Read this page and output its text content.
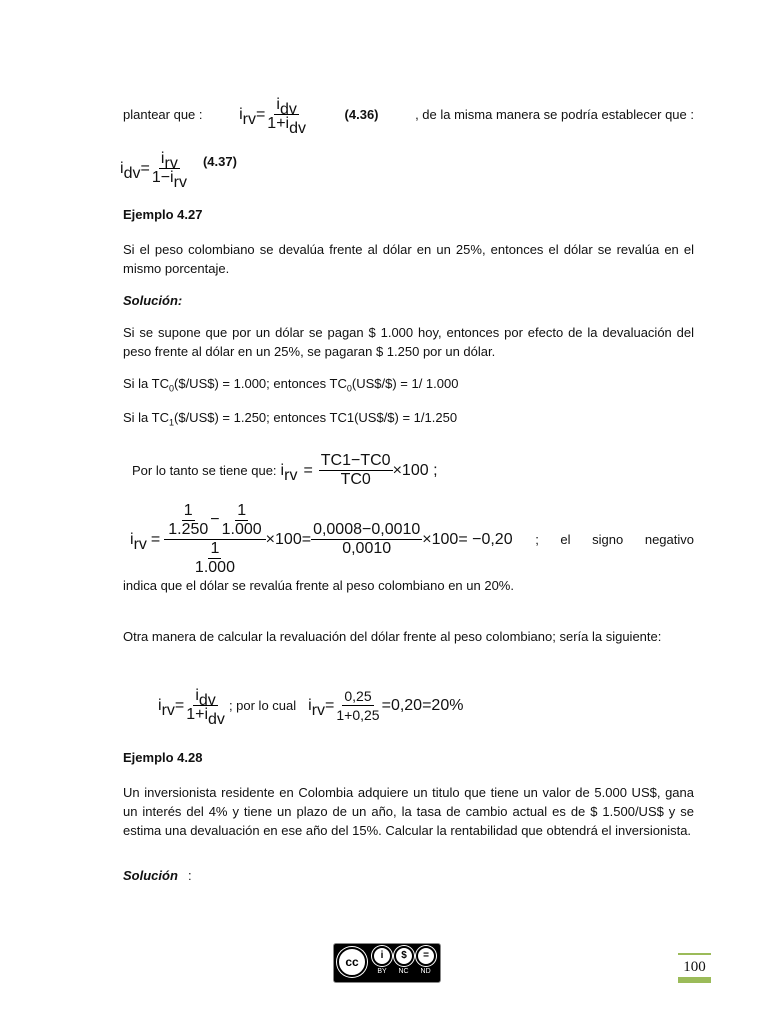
plantear que : i rv = $\frac{\text{idv}}{\text{1+idv}}$	(4.36)	, de la misma manera se podría establecer que :
i dv = $\frac{\text{irv}}{\text{1−irv}} (4.37)$
Ejemplo 4.27
Si el peso colombiano se devalúa frente al dólar en un 25%, entonces el dólar se revalúa en el mismo porcentaje.
Solución:
Si se supone que por un dólar se pagan $ 1.000 hoy, entonces por efecto de la devaluación del peso frente al dólar en un 25%, se pagaran $ 1.250 por un dólar.
Si la $TC_0(\$/US\$) = 1.000$; entonces $TC_0(US\$/\$) = 1/$ 1.000
Si la $TC_1(\$/US\$) = 1.250$; entonces TC1(US$/$) = 1/1.250
Por lo tanto se tiene que: i rv = $\frac{TC1-TC0}{TC0} \times 100$ ;
i rv = $\frac{\frac{1}{1.250} - \frac{1}{1.000}}{\frac{1}{1.000}} \times 100= \frac{0,0008-0,0010}{0,0010} \times 100= -0,20$ ; el signo negativo
indica que el dólar se revalúa frente al peso colombiano en un 20%.
Otra manera de calcular la revaluación del dólar frente al peso colombiano; sería la siguiente:
i rv = $\frac{\text{idv}}{\text{1+idv}}$ ; por lo cual i rv = $\frac{0,25}{1+0,25} =0,20=20\%$
Ejemplo 4.28
Un inversionista residente en Colombia adquiere un titulo que tiene un valor de 5.000 US$, gana un interés del 4% y tiene un plazo de un año, la tasa de cambio actual es de $ 1.500/US$ y se estima una devaluación en ese año del 15%. Calcular la rentabilidad que obtendrá el inversionista.
Solución :
cc	i	$	=
BY NC ND	100
